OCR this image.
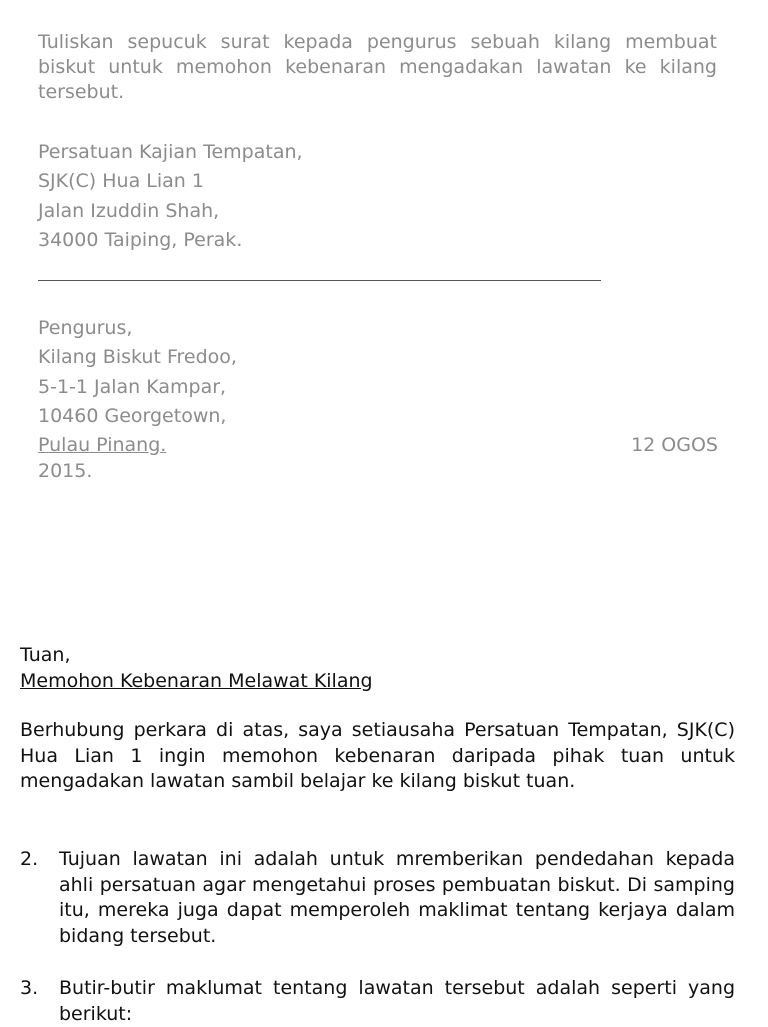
Tuliskan sepucuk surat kepada pengurus sebuah kilang membuat biskut untuk memohon kebenaran mengadakan lawatan ke kilang tersebut.

Persatuan Kajian Tempatan,
SJK(C) Hua Lian 1
Jalan Izuddin Shah,
34000 Taiping, Perak.
Pengurus,
Kilang Biskut Fredoo,
5-1-1 Jalan Kampar,
10460 Georgetown,
Pulau Pinang.	12 OGOS
2015.

Tuan,

Memohon Kebenaran Melawat Kilang

Berhubung perkara di atas, saya setiausaha Persatuan Tempatan, SJK(C) Hua Lian 1 ingin memohon kebenaran daripada pihak tuan untuk mengadakan lawatan sambil belajar ke kilang biskut tuan.

2. Tujuan lawatan ini adalah untuk mremberikan pendedahan kepada ahli persatuan agar mengetahui proses pembuatan biskut. Di samping itu, mereka juga dapat memperoleh maklimat tentang kerjaya dalam bidang tersebut.
3. Butir-butir maklumat tentang lawatan tersebut adalah seperti yang berikut:
